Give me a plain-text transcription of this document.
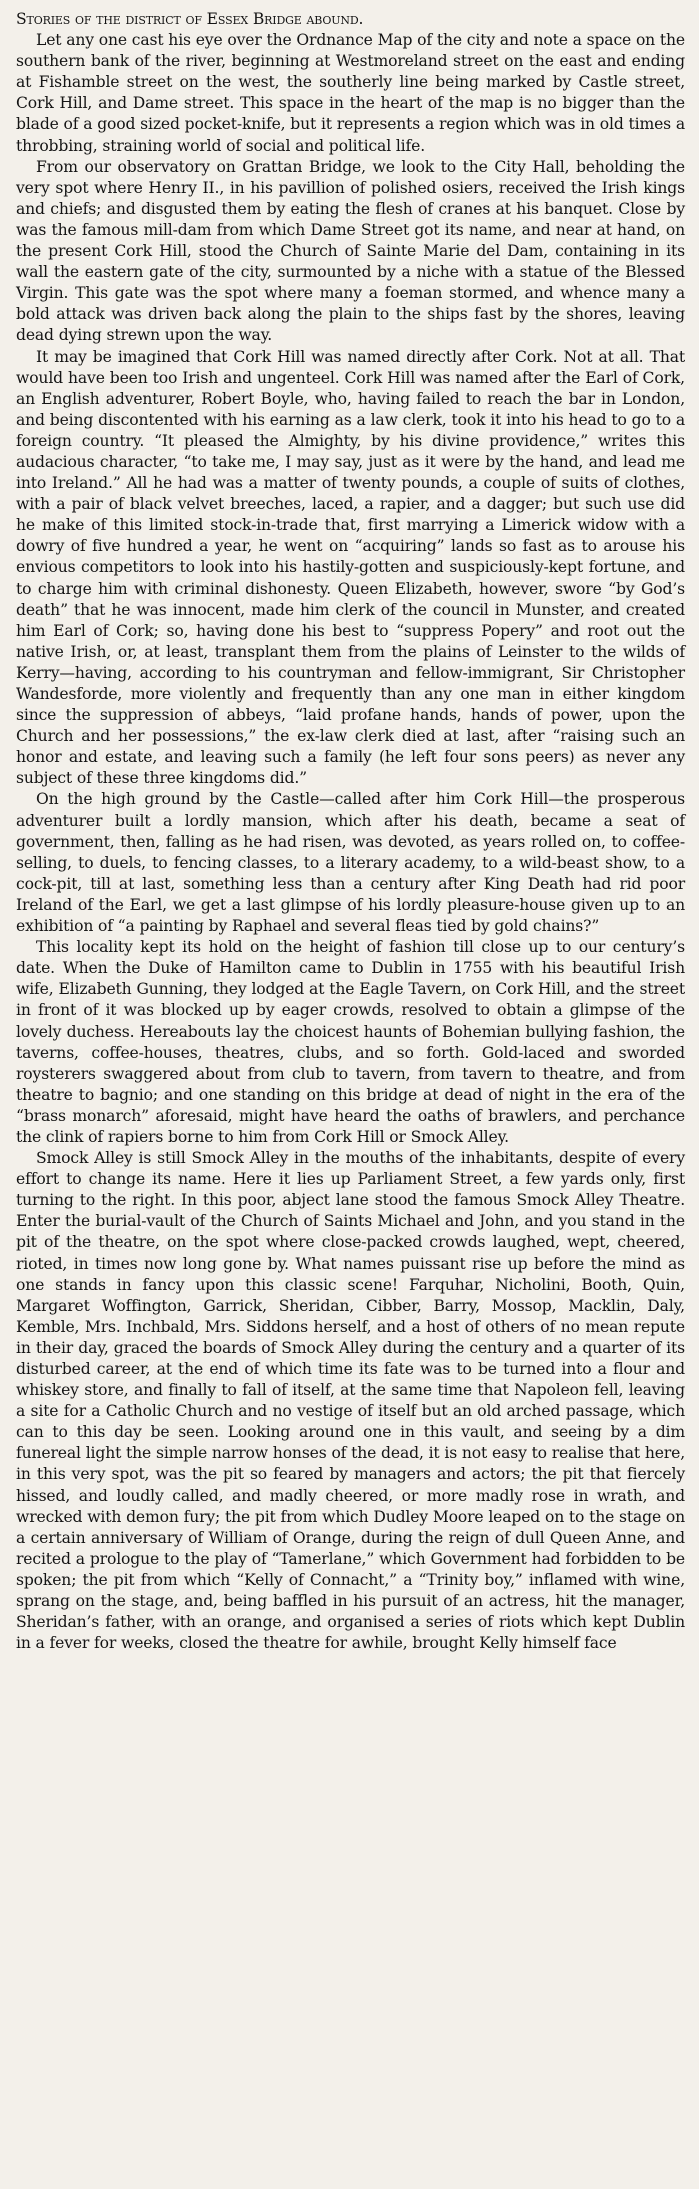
Stories of the district of Essex Bridge abound.

Let any one cast his eye over the Ordnance Map of the city and note a space on the southern bank of the river, beginning at Westmoreland street on the east and ending at Fishamble street on the west, the southerly line being marked by Castle street, Cork Hill, and Dame street. This space in the heart of the map is no bigger than the blade of a good sized pocket-knife, but it represents a region which was in old times a throbbing, straining world of social and political life.

From our observatory on Grattan Bridge, we look to the City Hall, beholding the very spot where Henry II., in his pavillion of polished osiers, received the Irish kings and chiefs; and disgusted them by eating the flesh of cranes at his banquet. Close by was the famous mill-dam from which Dame Street got its name, and near at hand, on the present Cork Hill, stood the Church of Sainte Marie del Dam, containing in its wall the eastern gate of the city, surmounted by a niche with a statue of the Blessed Virgin. This gate was the spot where many a foeman stormed, and whence many a bold attack was driven back along the plain to the ships fast by the shores, leaving dead dying strewn upon the way.

It may be imagined that Cork Hill was named directly after Cork. Not at all. That would have been too Irish and ungenteel. Cork Hill was named after the Earl of Cork, an English adventurer, Robert Boyle, who, having failed to reach the bar in London, and being discontented with his earning as a law clerk, took it into his head to go to a foreign country. “It pleased the Almighty, by his divine providence,” writes this audacious character, “to take me, I may say, just as it were by the hand, and lead me into Ireland.” All he had was a matter of twenty pounds, a couple of suits of clothes, with a pair of black velvet breeches, laced, a rapier, and a dagger; but such use did he make of this limited stock-in-trade that, first marrying a Limerick widow with a dowry of five hundred a year, he went on “acquiring” lands so fast as to arouse his envious competitors to look into his hastily-gotten and suspiciously-kept fortune, and to charge him with criminal dishonesty. Queen Elizabeth, however, swore “by God’s death” that he was innocent, made him clerk of the council in Munster, and created him Earl of Cork; so, having done his best to “suppress Popery” and root out the native Irish, or, at least, transplant them from the plains of Leinster to the wilds of Kerry—having, according to his countryman and fellow-immigrant, Sir Christopher Wandesforde, more violently and frequently than any one man in either kingdom since the suppression of abbeys, “laid profane hands, hands of power, upon the Church and her possessions,” the ex-law clerk died at last, after “raising such an honor and estate, and leaving such a family (he left four sons peers) as never any subject of these three kingdoms did.”

On the high ground by the Castle—called after him Cork Hill—the prosperous adventurer built a lordly mansion, which after his death, became a seat of government, then, falling as he had risen, was devoted, as years rolled on, to coffee-selling, to duels, to fencing classes, to a literary academy, to a wild-beast show, to a cock-pit, till at last, something less than a century after King Death had rid poor Ireland of the Earl, we get a last glimpse of his lordly pleasure-house given up to an exhibition of “a painting by Raphael and several fleas tied by gold chains?”

This locality kept its hold on the height of fashion till close up to our century’s date. When the Duke of Hamilton came to Dublin in 1755 with his beautiful Irish wife, Elizabeth Gunning, they lodged at the Eagle Tavern, on Cork Hill, and the street in front of it was blocked up by eager crowds, resolved to obtain a glimpse of the lovely duchess. Hereabouts lay the choicest haunts of Bohemian bullying fashion, the taverns, coffee-houses, theatres, clubs, and so forth. Gold-laced and sworded roysterers swaggered about from club to tavern, from tavern to theatre, and from theatre to bagnio; and one standing on this bridge at dead of night in the era of the “brass monarch” aforesaid, might have heard the oaths of brawlers, and perchance the clink of rapiers borne to him from Cork Hill or Smock Alley.

Smock Alley is still Smock Alley in the mouths of the inhabitants, despite of every effort to change its name. Here it lies up Parliament Street, a few yards only, first turning to the right. In this poor, abject lane stood the famous Smock Alley Theatre. Enter the burial-vault of the Church of Saints Michael and John, and you stand in the pit of the theatre, on the spot where close-packed crowds laughed, wept, cheered, rioted, in times now long gone by. What names puissant rise up before the mind as one stands in fancy upon this classic scene! Farquhar, Nicholini, Booth, Quin, Margaret Woffington, Garrick, Sheridan, Cibber, Barry, Mossop, Macklin, Daly, Kemble, Mrs. Inchbald, Mrs. Siddons herself, and a host of others of no mean repute in their day, graced the boards of Smock Alley during the century and a quarter of its disturbed career, at the end of which time its fate was to be turned into a flour and whiskey store, and finally to fall of itself, at the same time that Napoleon fell, leaving a site for a Catholic Church and no vestige of itself but an old arched passage, which can to this day be seen. Looking around one in this vault, and seeing by a dim funereal light the simple narrow honses of the dead, it is not easy to realise that here, in this very spot, was the pit so feared by managers and actors; the pit that fiercely hissed, and loudly called, and madly cheered, or more madly rose in wrath, and wrecked with demon fury; the pit from which Dudley Moore leaped on to the stage on a certain anniversary of William of Orange, during the reign of dull Queen Anne, and recited a prologue to the play of “Tamerlane,” which Government had forbidden to be spoken; the pit from which “Kelly of Connacht,” a “Trinity boy,” inflamed with wine, sprang on the stage, and, being baffled in his pursuit of an actress, hit the manager, Sheridan’s father, with an orange, and organised a series of riots which kept Dublin in a fever for weeks, closed the theatre for awhile, brought Kelly himself face
